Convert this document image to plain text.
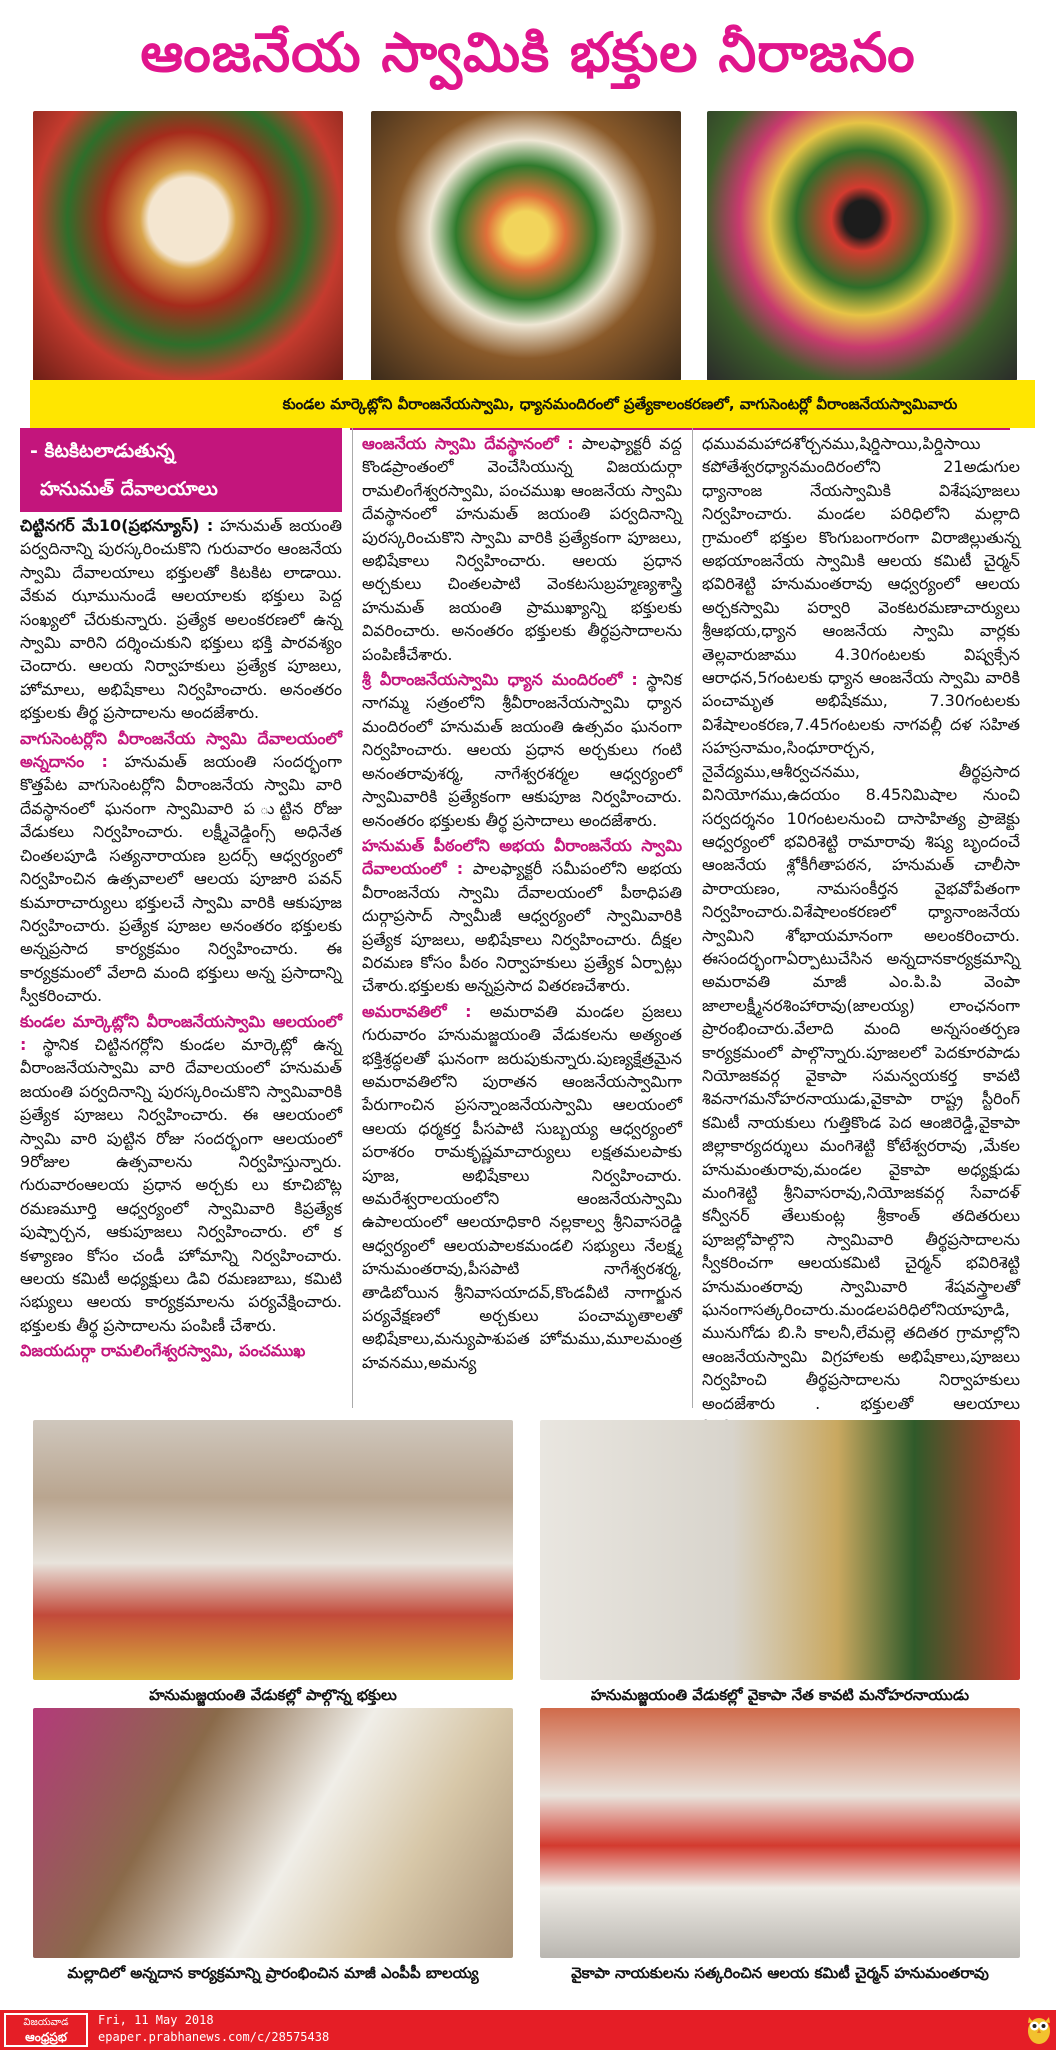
ఆంజనేయ స్వామికి భక్తుల నీరాజనం
కుండల మార్కెట్లోని వీరాంజనేయస్వామి, ధ్యానమందిరంలో ప్రత్యేకాలంకరణలో, వాగుసెంటర్లో వీరాంజనేయస్వామివారు
- కిటకిటలాడుతున్న
హనుమత్ దేవాలయాలు

చిట్టినగర్ మే10(ప్రభన్యూస్) : హనుమత్ జయంతి పర్వదినాన్ని పురస్కరించుకొని గురువారం ఆంజనేయ స్వామి దేవాలయాలు భక్తులతో కిటకిట లాడాయి. వేకువ ఝామునుండే ఆలయాలకు భక్తులు పెద్ద సంఖ్యలో చేరుకున్నారు. ప్రత్యేక అలంకరణలో ఉన్న స్వామి వారిని దర్శించుకుని భక్తులు భక్తి పారవశ్యం చెందారు. ఆలయ నిర్వాహకులు ప్రత్యేక పూజలు, హోమాలు, అభిషేకాలు నిర్వహించారు. అనంతరం భక్తులకు తీర్థ ప్రసాదాలను అందజేశారు.

వాగుసెంటర్లోని వీరాంజనేయ స్వామి దేవాలయంలో అన్నదానం : హనుమత్ జయంతి సందర్భంగా కొత్తపేట వాగుసెంటర్లోని వీరాంజనేయ స్వామి వారి దేవస్థానంలో ఘనంగా స్వామివారి ప ుట్టిన రోజు వేడుకలు నిర్వహించారు. లక్ష్మీవెడ్డింగ్స్ అధినేత చింతలపూడి సత్యనారాయణ బ్రదర్స్ ఆధ్వర్యంలో నిర్వహించిన ఉత్సవాలలో ఆలయ పూజారి పవన్ కుమారాచార్యులు భక్తులచే స్వామి వారికి ఆకుపూజ నిర్వహించారు. ప్రత్యేక పూజల అనంతరం భక్తులకు అన్నప్రసాద కార్యక్రమం నిర్వహించారు. ఈ కార్యక్రమంలో వేలాది మంది భక్తులు అన్న ప్రసాదాన్ని స్వీకరించారు.

కుండల మార్కెట్లోని వీరాంజనేయస్వామి ఆలయంలో : స్థానిక చిట్టినగర్లోని కుండల మార్కెట్లో ఉన్న వీరాంజనేయస్వామి వారి దేవాలయంలో హనుమత్ జయంతి పర్వదినాన్ని పురస్కరించుకొని స్వామివారికి ప్రత్యేక పూజలు నిర్వహించారు. ఈ ఆలయంలో స్వామి వారి పుట్టిన రోజు సందర్భంగా ఆలయంలో 9రోజుల ఉత్సవాలను నిర్వహిస్తున్నారు. గురువారంఆలయ ప్రధాన అర్చకు లు కూచిబొట్ల రమణమూర్తి ఆధ్వర్యంలో స్వామివారి కిప్రత్యేక పుష్పార్చన, ఆకుపూజలు నిర్వహించారు. లో క కళ్యాణం కోసం చండీ హోమాన్ని నిర్వహించారు. ఆలయ కమిటీ అధ్యక్షులు డివి రమణబాబు, కమిటి సభ్యులు ఆలయ కార్యక్రమాలను పర్యవేక్షించారు. భక్తులకు తీర్థ ప్రసాదాలను పంపిణీ చేశారు.

విజయదుర్గా రామలింగేశ్వరస్వామి, పంచముఖ

ఆంజనేయ స్వామి దేవస్థానంలో : పాలఫ్యాక్టరీ వద్ద కొండప్రాంతంలో వెంచేసియున్న విజయదుర్గా రామలింగేశ్వరస్వామి, పంచముఖ ఆంజనేయ స్వామి దేవస్థానంలో హనుమత్ జయంతి పర్వదినాన్ని పురస్కరించుకొని స్వామి వారికి ప్రత్యేకంగా పూజలు, అభిషేకాలు నిర్వహించారు. ఆలయ ప్రధాన అర్చకులు చింతలపాటి వెంకటసుబ్రహ్మణ్యశాస్త్రి హనుమత్ జయంతి ప్రాముఖ్యాన్ని భక్తులకు వివరించారు. అనంతరం భక్తులకు తీర్థప్రసాదాలను పంపిణీచేశారు.

శ్రీ వీరాంజనేయస్వామి ధ్యాన మందిరంలో : స్థానిక నాగమ్మ సత్రంలోని శ్రీవీరాంజనేయస్వామి ధ్యాన మందిరంలో హనుమత్ జయంతి ఉత్సవం ఘనంగా నిర్వహించారు. ఆలయ ప్రధాన అర్చకులు గంటి అనంతరావుశర్మ, నాగేశ్వరశర్మల ఆధ్వర్యంలో స్వామివారికి ప్రత్యేకంగా ఆకుపూజ నిర్వహించారు. అనంతరం భక్తులకు తీర్థ ప్రసాదాలు అందజేశారు.

హనుమత్ పీఠంలోని అభయ వీరాంజనేయ స్వామి దేవాలయంలో : పాలఫ్యాక్టరీ సమీపంలోని అభయ వీరాంజనేయ స్వామి దేవాలయంలో పీఠాధిపతి దుర్గాప్రసాద్ స్వామీజీ ఆధ్వర్యంలో స్వామివారికి ప్రత్యేక పూజలు, అభిషేకాలు నిర్వహించారు. దీక్షల విరమణ కోసం పీఠం నిర్వాహకులు ప్రత్యేక ఏర్పాట్లు చేశారు.భక్తులకు అన్నప్రసాద వితరణచేశారు.

అమరావతిలో : అమరావతి మండల ప్రజలు గురువారం హనుమజ్జయంతి వేడుకలను అత్యంత భక్తిశ్రద్ధలతో ఘనంగా జరుపుకున్నారు.పుణ్యక్షేత్రమైన అమరావతిలోని పురాతన ఆంజనేయస్వామిగా పేరుగాంచిన ప్రసన్నాంజనేయస్వామి ఆలయంలో ఆలయ ధర్మకర్త పీసపాటి సుబ్బయ్య ఆధ్వర్యంలో పరాశరం రామకృష్ణమాచార్యులు లక్షతమలపాకు పూజ, అభిషేకాలు నిర్వహించారు. అమరేశ్వరాలయంలోని ఆంజనేయస్వామి ఉపాలయంలో ఆలయాధికారి నల్లకాల్వ శ్రీనివాసరెడ్డి ఆధ్వర్యంలో ఆలయపాలకమండలి సభ్యులు నేలక్ష్మ హనుమంతరావు,పీసపాటి నాగేశ్వరశర్మ, తాడిబోయిన శ్రీనివాసయాదవ్,కొండవీటి నాగార్జున పర్యవేక్షణలో అర్చకులు పంచామృతాలతో అభిషేకాలు,మన్యుపాశుపత హోమము,మూలమంత్ర హవనము,అమన్య

ధమువమహాదశోర్చనము,షిర్డిసాయి,పిర్డిసాయి కపోతేశ్వరధ్యానమందిరంలోని 21అడుగుల ధ్యానాంజ నేయస్వామికి విశేషపూజలు నిర్వహించారు. మండల పరిధిలోని మల్లాది గ్రామంలో భక్తుల కొంగుబంగారంగా విరాజిల్లుతున్న అభయాంజనేయ స్వామికి ఆలయ కమిటీ చైర్మన్ భవిరిశెట్టి హనుమంతరావు ఆధ్వర్యంలో ఆలయ అర్చకస్వామి పర్వారి వెంకటరమణాచార్యులు శ్రీఆభయ,ధ్యాన ఆంజనేయ స్వామి వార్లకు తెల్లవారుజాము 4.30గంటలకు విష్వక్సేన ఆరాధన,5గంటలకు ధ్యాన ఆంజనేయ స్వామి వారికి పంచామృత అభిషేకము, 7.30గంటలకు విశేషాలంకరణ,7.45గంటలకు నాగవల్లీ దళ సహిత సహస్రనామం,సింధూరార్చన, నైవేద్యము,ఆశీర్వచనము, తీర్థప్రసాద వినియోగము,ఉదయం 8.45నిమిషాల నుంచి సర్వదర్శనం 10గంటలనుంచి దాసాహిత్య ప్రాజెక్టు ఆధ్వర్యంలో భవిరిశెట్టి రామారావు శిష్య బృందంచే ఆంజనేయ శ్లోకీగీతాపఠన, హనుమత్ చాలీసా పారాయణం, నామసంకీర్తన వైభవోపేతంగా నిర్వహించారు.విశేషాలంకరణలో ధ్యానాంజనేయ స్వామిని శోభాయమానంగా అలంకరించారు. ఈసందర్భంగాఏర్పాటుచేసిన అన్నదానకార్యక్రమాన్ని అమరావతి మాజీ ఎం.పి.పి వెంపా జాలాలక్ష్మీనరశింహారావు(జాలయ్య) లాంఛనంగా ప్రారంభించారు.వేలాది మంది అన్నసంతర్పణ కార్యక్రమంలో పాల్గొన్నారు.పూజలలో పెదకూరపాడు నియోజకవర్గ వైకాపా సమన్వయకర్త కావటి శివనాగమనోహరనాయుడు,వైకాపా రాష్ట్ర స్టీరింగ్ కమిటీ నాయకులు గుత్తికొండ పెద ఆంజిరెడ్డి,వైకాపా జిల్లాకార్యదర్శులు మంగిశెట్టి కోటేశ్వరరావు ,మేకల హనుమంతురావు,మండల వైకాపా అధ్యక్షుడు మంగిశెట్టి శ్రీనివాసరావు,నియోజకవర్గ సేవాదళ్ కన్వీనర్ తేలుకుంట్ల శ్రీకాంత్ తదితరులు పూజల్లోపాల్గొని స్వామివారి తీర్థప్రసాదాలను స్వీకరించగా ఆలయకమిటి చైర్మన్ భవిరిశెట్టి హనుమంతరావు స్వామివారి శేషవస్త్రాలతో ఘనంగాసత్కరించారు.మండలపరిధిలోనియాపూడి, మునుగోడు బి.సి కాలనీ,లేమల్లె తదితర గ్రామాల్లోని ఆంజనేయస్వామి విగ్రహాలకు అభిషేకాలు,పూజలు నిర్వహించి తీర్థప్రసాదాలను నిర్వాహకులు అందజేశారు . భక్తులతో ఆలయాలు

హనుమజ్జయంతి వేడుకల్లో పాల్గొన్న భక్తులు	హనుమజ్జయంతి వేడుకల్లో వైకాపా నేత కావటి మనోహరనాయుడు
మల్లాదిలో అన్నదాన కార్యక్రమాన్ని ప్రారంభించిన మాజీ ఎంపీపీ బాలయ్య	వైకాపా నాయకులను సత్కరించిన ఆలయ కమిటీ చైర్మన్ హనుమంతరావు
విజయవాడ
ఆంధ్రప్రభ
Fri, 11 May 2018
epaper.prabhanews.com/c/28575438
